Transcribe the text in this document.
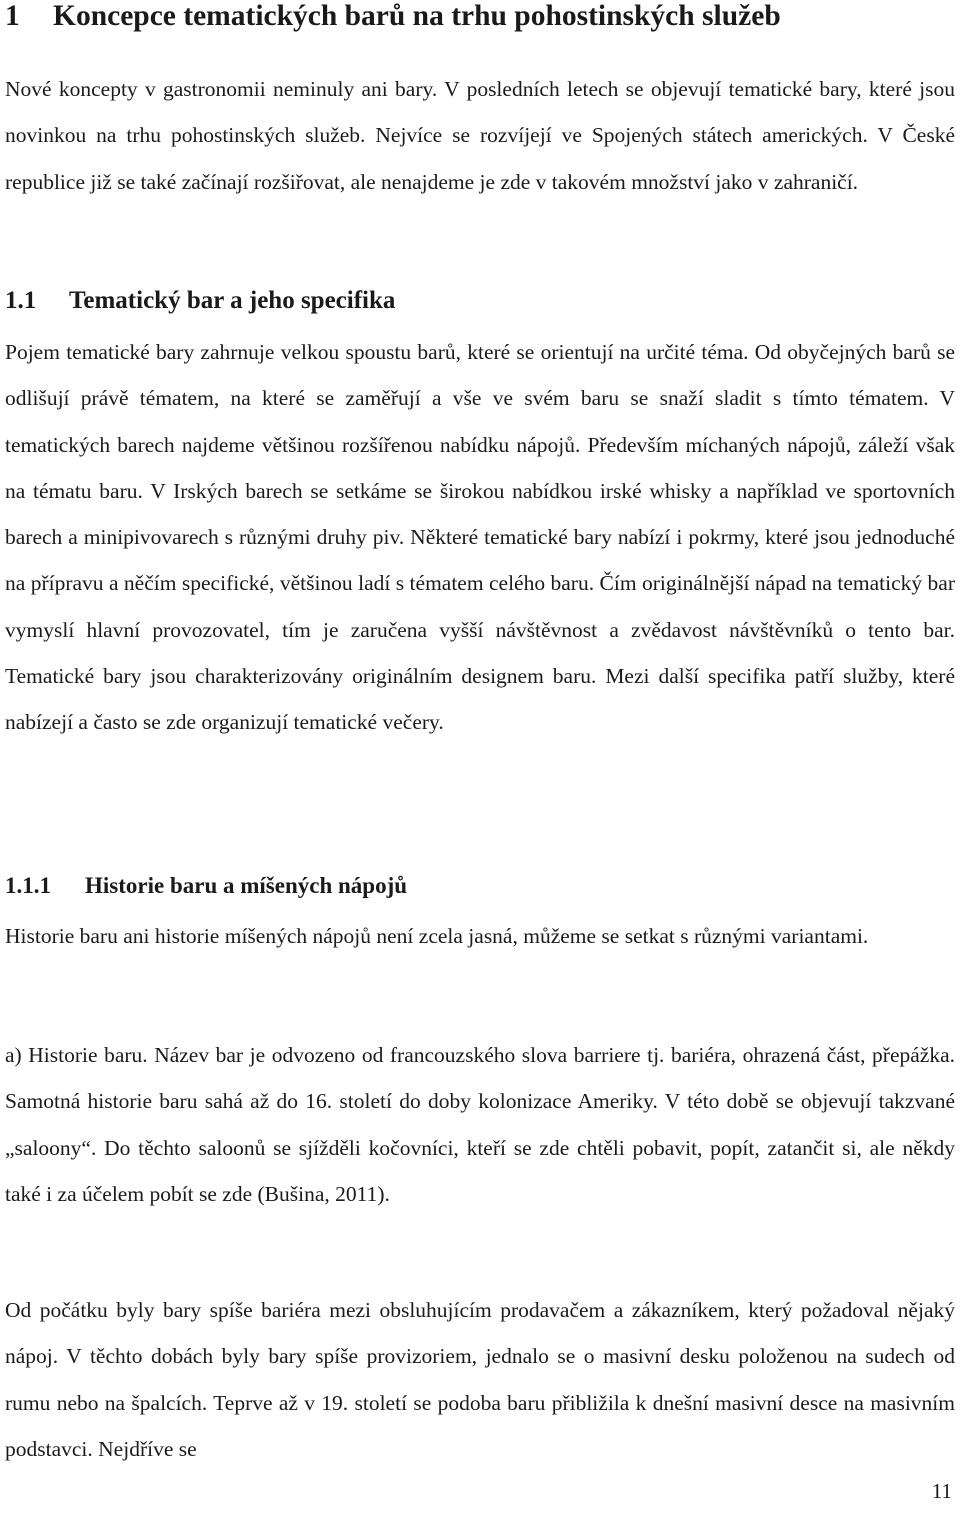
1 Koncepce tematických barů na trhu pohostinských služeb

Nové koncepty v gastronomii neminuly ani bary. V posledních letech se objevují tematické bary, které jsou novinkou na trhu pohostinských služeb. Nejvíce se rozvíjejí ve Spojených státech amerických. V České republice již se také začínají rozšiřovat, ale nenajdeme je zde v takovém množství jako v zahraničí.

1.1 Tematický bar a jeho specifika

Pojem tematické bary zahrnuje velkou spoustu barů, které se orientují na určité téma. Od obyčejných barů se odlišují právě tématem, na které se zaměřují a vše ve svém baru se snaží sladit s tímto tématem. V tematických barech najdeme většinou rozšířenou nabídku nápojů. Především míchaných nápojů, záleží však na tématu baru. V Irských barech se setkáme se širokou nabídkou irské whisky a například ve sportovních barech a minipivovarech s různými druhy piv. Některé tematické bary nabízí i pokrmy, které jsou jednoduché na přípravu a něčím specifické, většinou ladí s tématem celého baru. Čím originálnější nápad na tematický bar vymyslí hlavní provozovatel, tím je zaručena vyšší návštěvnost a zvědavost návštěvníků o tento bar. Tematické bary jsou charakterizovány originálním designem baru. Mezi další specifika patří služby, které nabízejí a často se zde organizují tematické večery.

1.1.1 Historie baru a míšených nápojů

Historie baru ani historie míšených nápojů není zcela jasná, můžeme se setkat s různými variantami.

a) Historie baru. Název bar je odvozeno od francouzského slova barriere tj. bariéra, ohrazená část, přepážka. Samotná historie baru sahá až do 16. století do doby kolonizace Ameriky. V této době se objevují takzvané „saloony“. Do těchto saloonů se sjížděli kočovníci, kteří se zde chtěli pobavit, popít, zatančit si, ale někdy také i za účelem pobít se zde (Bušina, 2011).

Od počátku byly bary spíše bariéra mezi obsluhujícím prodavačem a zákazníkem, který požadoval nějaký nápoj. V těchto dobách byly bary spíše provizoriem, jednalo se o masivní desku položenou na sudech od rumu nebo na špalcích. Teprve až v 19. století se podoba baru přibližila k dnešní masivní desce na masivním podstavci. Nejdříve se

11
